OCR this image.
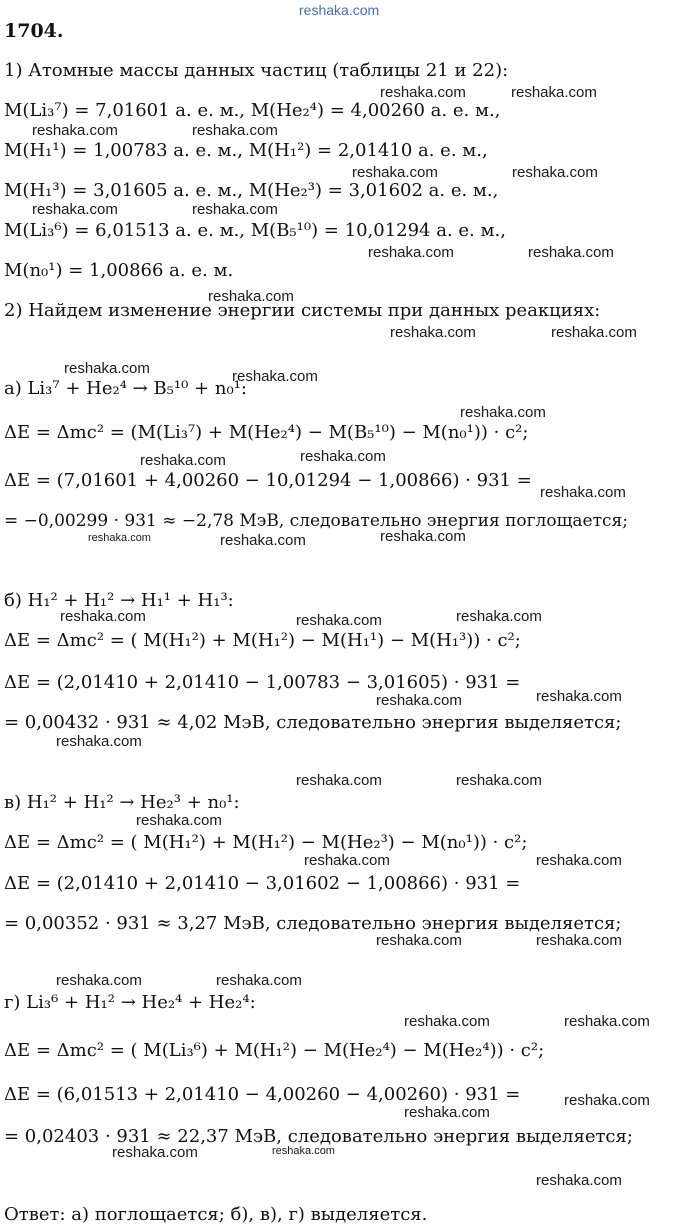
reshaka.com
1704.
1) Атомные массы данных частиц (таблицы 21 и 22):
M(Li₃⁷) = 7,01601 а. е. м., M(He₂⁴) = 4,00260 а. е. м.,
M(H₁¹) = 1,00783 а. е. м., M(H₁²) = 2,01410 а. е. м.,
M(H₁³) = 3,01605 а. е. м., M(He₂³) = 3,01602 а. е. м.,
M(Li₃⁶) = 6,01513 а. е. м., M(B₅¹⁰) = 10,01294 а. е. м.,
M(n₀¹) = 1,00866 а. е. м.
2) Найдем изменение энергии системы при данных реакциях:
а) Li₃⁷ + He₂⁴ → B₅¹⁰ + n₀¹:
ΔE = Δmc² = (M(Li₃⁷) + M(He₂⁴) − M(B₅¹⁰) − M(n₀¹)) · c²;
ΔE = (7,01601 + 4,00260 − 10,01294 − 1,00866) · 931 =
= −0,00299 · 931 ≈ −2,78 МэВ, следовательно энергия поглощается;
б) H₁² + H₁² → H₁¹ + H₁³:
ΔE = Δmc² = ( M(H₁²) + M(H₁²) − M(H₁¹) − M(H₁³)) · c²;
ΔE = (2,01410 + 2,01410 − 1,00783 − 3,01605) · 931 =
= 0,00432 · 931 ≈ 4,02 МэВ, следовательно энергия выделяется;
в) H₁² + H₁² → He₂³ + n₀¹:
ΔE = Δmc² = ( M(H₁²) + M(H₁²) − M(He₂³) − M(n₀¹)) · c²;
ΔE = (2,01410 + 2,01410 − 3,01602 − 1,00866) · 931 =
= 0,00352 · 931 ≈ 3,27 МэВ, следовательно энергия выделяется;
г) Li₃⁶ + H₁² → He₂⁴ + He₂⁴:
ΔE = Δmc² = ( M(Li₃⁶) + M(H₁²) − M(He₂⁴) − M(He₂⁴)) · c²;
ΔE = (6,01513 + 2,01410 − 4,00260 − 4,00260) · 931 =
= 0,02403 · 931 ≈ 22,37 МэВ, следовательно энергия выделяется;
Ответ: а) поглощается; б), в), г) выделяется.
reshaka.com	reshaka.com
reshaka.com	reshaka.com
reshaka.com	reshaka.com
reshaka.com	reshaka.com
reshaka.com	reshaka.com
reshaka.com
reshaka.com	reshaka.com
reshaka.com	reshaka.com
reshaka.com
reshaka.com	reshaka.com
reshaka.com
reshaka.com	reshaka.com	reshaka.com
reshaka.com	reshaka.com	reshaka.com
reshaka.com	reshaka.com
reshaka.com
reshaka.com	reshaka.com
reshaka.com
reshaka.com	reshaka.com
reshaka.com	reshaka.com
reshaka.com	reshaka.com
reshaka.com	reshaka.com
reshaka.com
reshaka.com
reshaka.com	reshaka.com
reshaka.com
